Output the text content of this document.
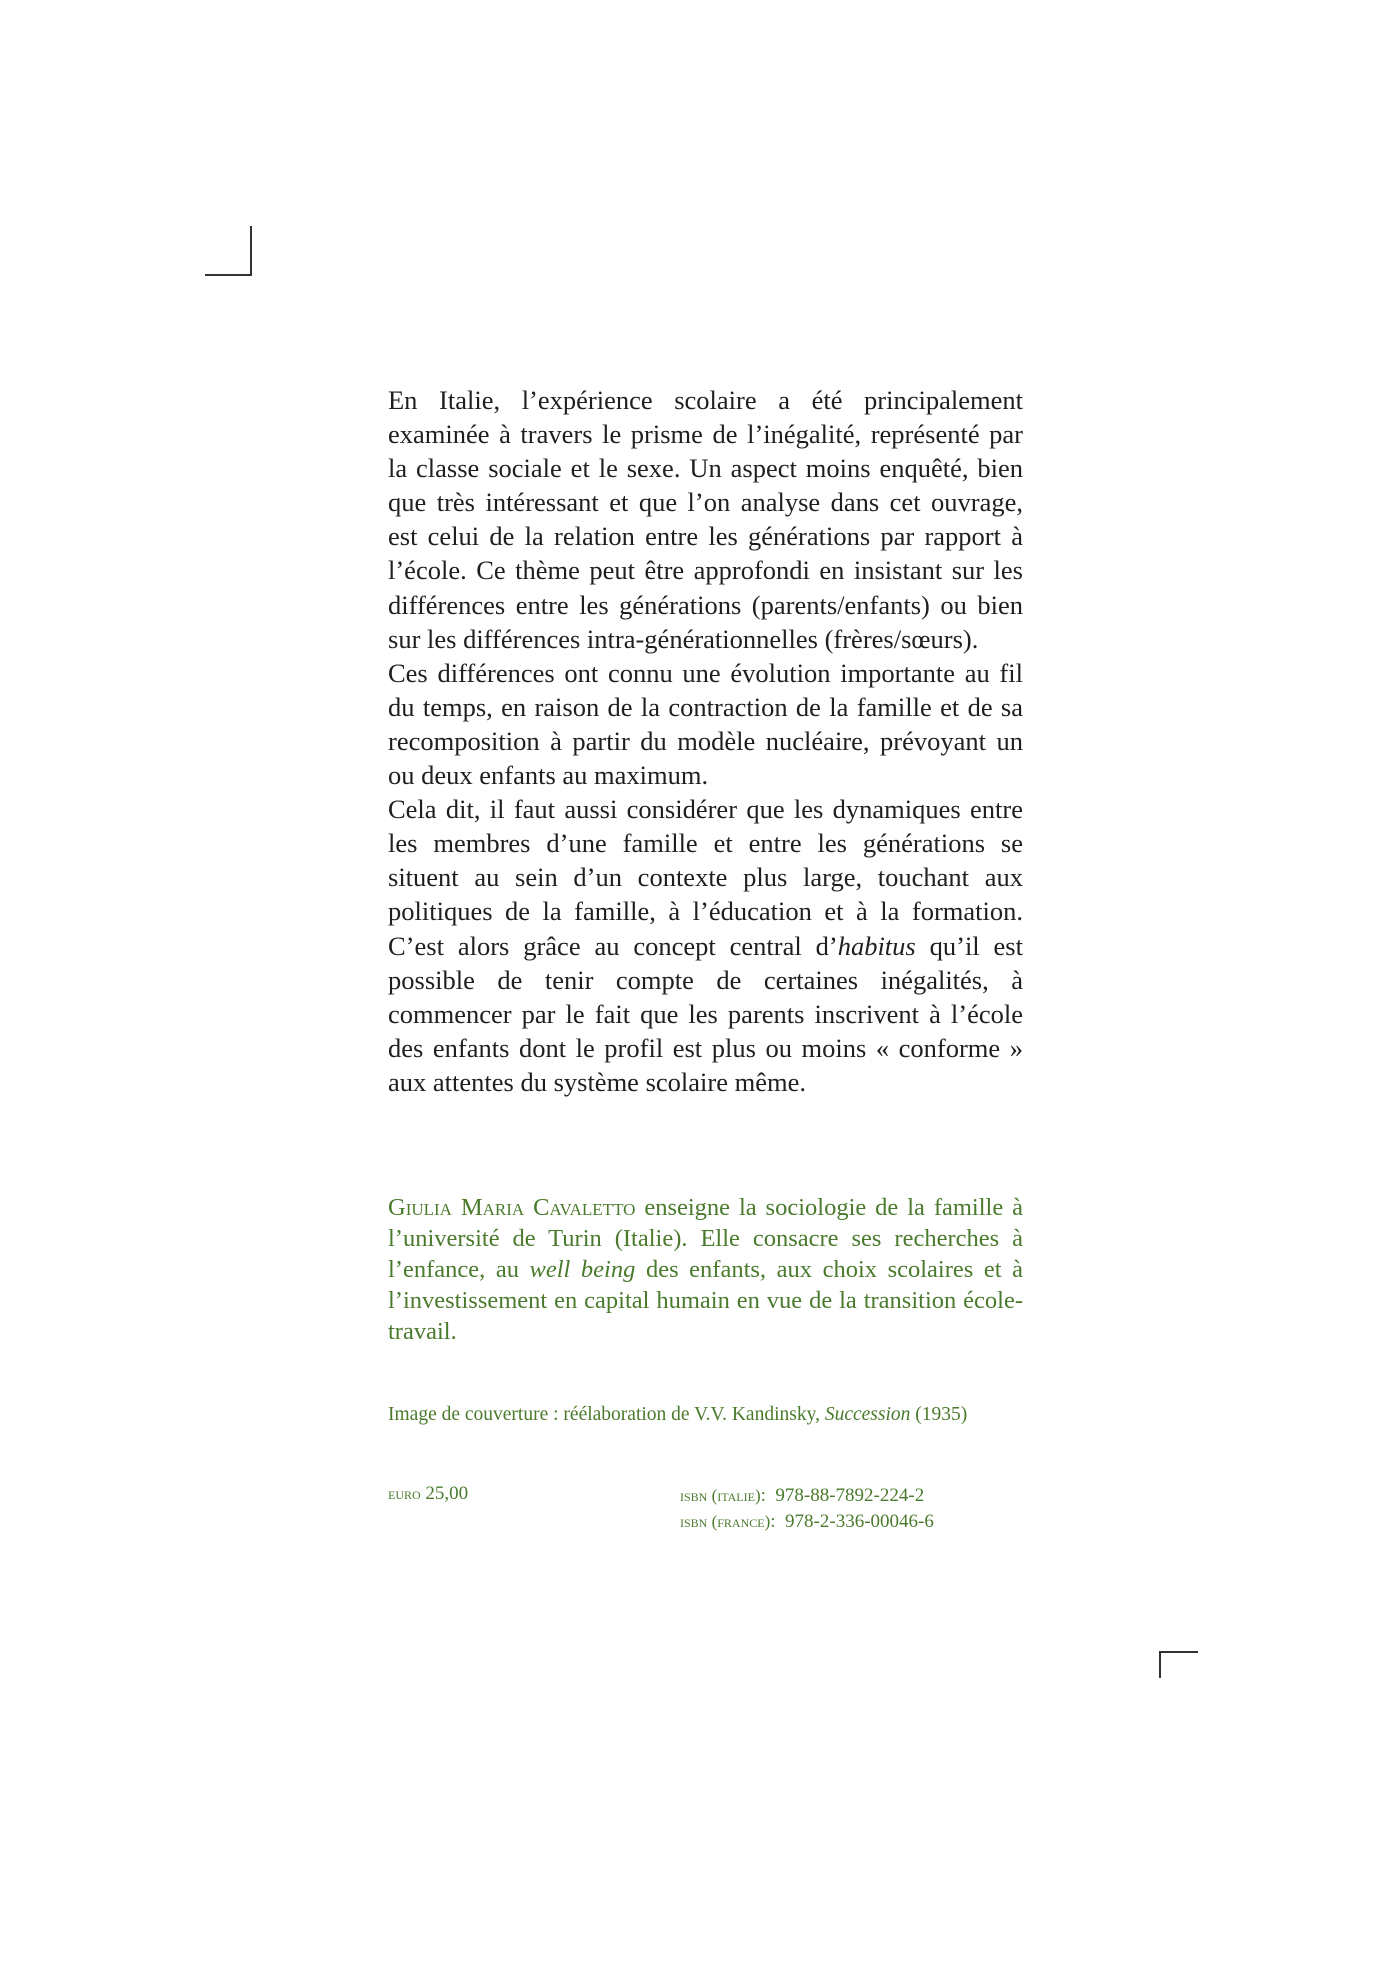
En Italie, l’expérience scolaire a été principalement examinée à travers le prisme de l’inégalité, représenté par la classe sociale et le sexe. Un aspect moins enquêté, bien que très intéressant et que l’on analyse dans cet ouvrage, est celui de la relation entre les générations par rapport à l’école. Ce thème peut être approfondi en insistant sur les différences entre les générations (parents/enfants) ou bien sur les différences intra-générationnelles (frères/sœurs).

Ces différences ont connu une évolution importante au fil du temps, en raison de la contraction de la famille et de sa recomposition à partir du modèle nucléaire, prévoyant un ou deux enfants au maximum.

Cela dit, il faut aussi considérer que les dynamiques entre les membres d’une famille et entre les générations se situent au sein d’un contexte plus large, touchant aux politiques de la famille, à l’éducation et à la formation. C’est alors grâce au concept central d’habitus qu’il est possible de tenir compte de certaines inégalités, à commencer par le fait que les parents inscrivent à l’école des enfants dont le profil est plus ou moins « conforme » aux attentes du système scolaire même.

Giulia Maria Cavaletto enseigne la sociologie de la famille à l’université de Turin (Italie). Elle consacre ses recherches à l’enfance, au well being des enfants, aux choix scolaires et à l’investissement en capital humain en vue de la transition école-travail.

Image de couverture : réélaboration de V.V. Kandinsky, Succession (1935)

euro 25,00	isbn (italie):  978-88-7892-224-2
isbn (france):  978-2-336-00046-6
